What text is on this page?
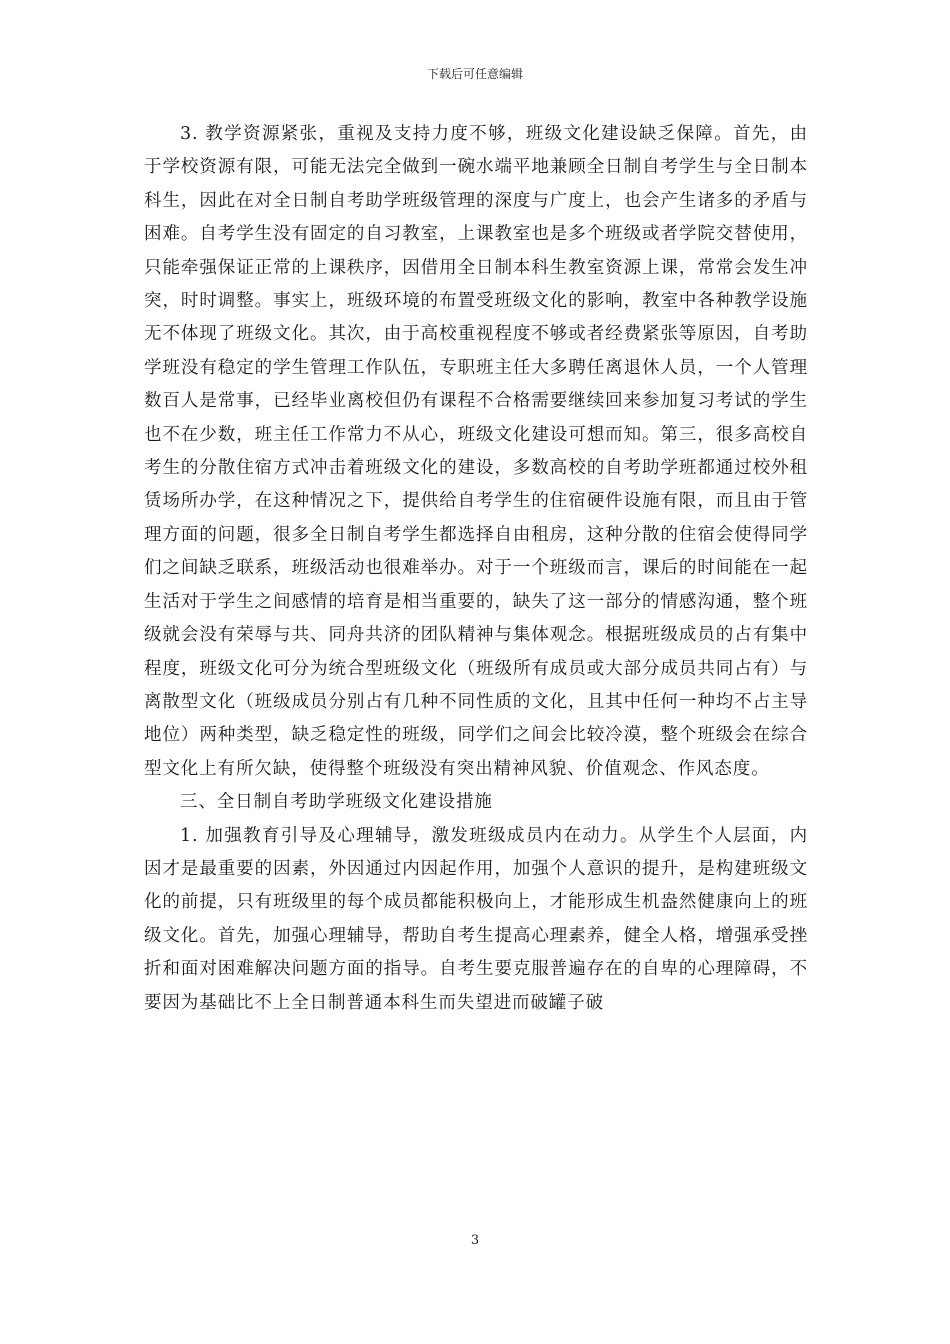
下载后可任意编辑

3. 教学资源紧张，重视及支持力度不够，班级文化建设缺乏保障。首先，由于学校资源有限，可能无法完全做到一碗水端平地兼顾全日制自考学生与全日制本科生，因此在对全日制自考助学班级管理的深度与广度上，也会产生诸多的矛盾与困难。自考学生没有固定的自习教室，上课教室也是多个班级或者学院交替使用，只能牵强保证正常的上课秩序，因借用全日制本科生教室资源上课，常常会发生冲突，时时调整。事实上，班级环境的布置受班级文化的影响，教室中各种教学设施无不体现了班级文化。其次，由于高校重视程度不够或者经费紧张等原因，自考助学班没有稳定的学生管理工作队伍，专职班主任大多聘任离退休人员，一个人管理数百人是常事，已经毕业离校但仍有课程不合格需要继续回来参加复习考试的学生也不在少数，班主任工作常力不从心，班级文化建设可想而知。第三，很多高校自考生的分散住宿方式冲击着班级文化的建设，多数高校的自考助学班都通过校外租赁场所办学，在这种情况之下，提供给自考学生的住宿硬件设施有限，而且由于管理方面的问题，很多全日制自考学生都选择自由租房，这种分散的住宿会使得同学们之间缺乏联系，班级活动也很难举办。对于一个班级而言，课后的时间能在一起生活对于学生之间感情的培育是相当重要的，缺失了这一部分的情感沟通，整个班级就会没有荣辱与共、同舟共济的团队精神与集体观念。根据班级成员的占有集中程度，班级文化可分为统合型班级文化（班级所有成员或大部分成员共同占有）与离散型文化（班级成员分别占有几种不同性质的文化，且其中任何一种均不占主导地位）两种类型，缺乏稳定性的班级，同学们之间会比较冷漠，整个班级会在综合型文化上有所欠缺，使得整个班级没有突出精神风貌、价值观念、作风态度。

三、全日制自考助学班级文化建设措施

1. 加强教育引导及心理辅导，激发班级成员内在动力。从学生个人层面，内因才是最重要的因素，外因通过内因起作用，加强个人意识的提升，是构建班级文化的前提，只有班级里的每个成员都能积极向上，才能形成生机盎然健康向上的班级文化。首先，加强心理辅导，帮助自考生提高心理素养，健全人格，增强承受挫折和面对困难解决问题方面的指导。自考生要克服普遍存在的自卑的心理障碍，不要因为基础比不上全日制普通本科生而失望进而破罐子破

3
